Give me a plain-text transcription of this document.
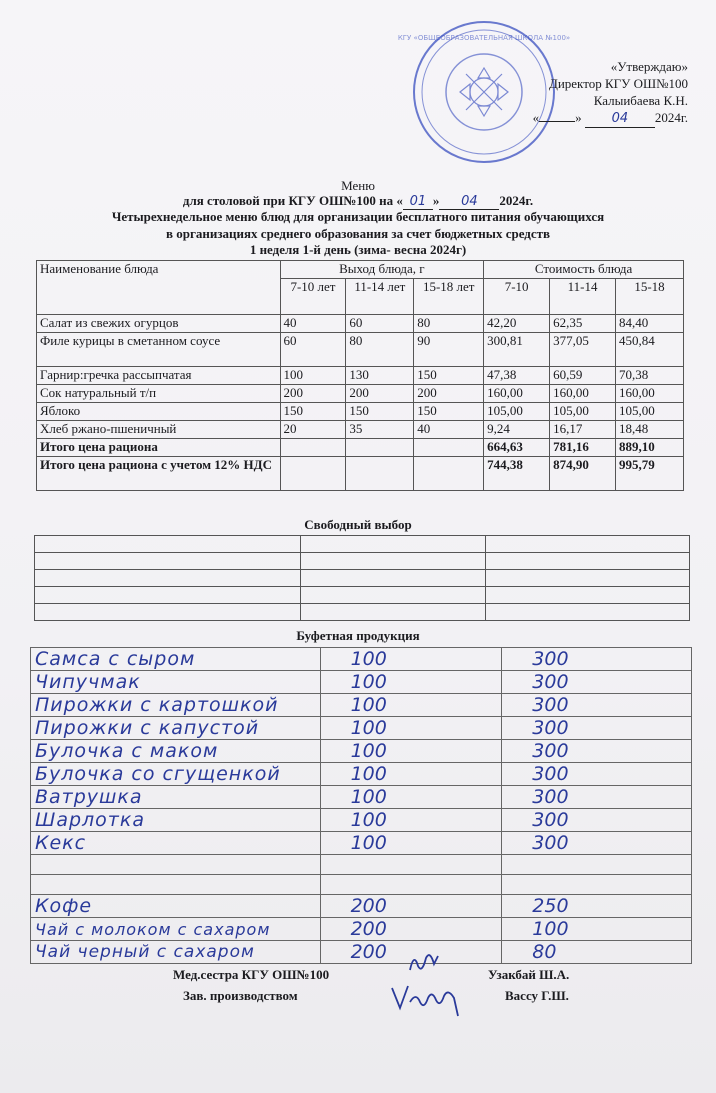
КГУ «ОБЩЕОБРАЗОВАТЕЛЬНАЯ ШКОЛА №100»
«Утверждаю»
Директор КГУ ОШ№100
Калыибаева К.Н.
«	» 04 2024г.
Меню
для столовой при КГУ ОШ№100 на « 01 » 04 2024г.
Четырехнедельное меню блюд для организации бесплатного питания обучающихся
в организациях среднего образования за счет бюджетных средств
1 неделя 1-й день (зима- весна 2024г)
Наименование блюда	Выход блюда, г			Стоимость блюда		
	7-10 лет	11-14 лет	15-18 лет	7-10	11-14	15-18
Салат из свежих огурцов	40	60	80	42,20	62,35	84,40
Филе курицы в сметанном соусе	60	80	90	300,81	377,05	450,84
Гарнир:гречка рассыпчатая	100	130	150	47,38	60,59	70,38
Сок натуральный т/п	200	200	200	160,00	160,00	160,00
Яблоко	150	150	150	105,00	105,00	105,00
Хлеб ржано-пшеничный	20	35	40	9,24	16,17	18,48
Итого цена рациона				664,63	781,16	889,10
Итого цена рациона с учетом 12% НДС				744,38	874,90	995,79
Свободный выбор

Буфетная продукция
Самса с сыром	100	300
Чипучмак	100	300
Пирожки с картошкой	100	300
Пирожки с капустой	100	300
Булочка с маком	100	300
Булочка со сгущенкой	100	300
Ватрушка	100	300
Шарлотка	100	300
Кекс	100	300

Кофе	200	250
Чай с молоком с сахаром	200	100
Чай черный с сахаром	200	80
Мед.сестра КГУ ОШ№100	Узакбай Ш.А.
Зав. производством	Вассу Г.Ш.
